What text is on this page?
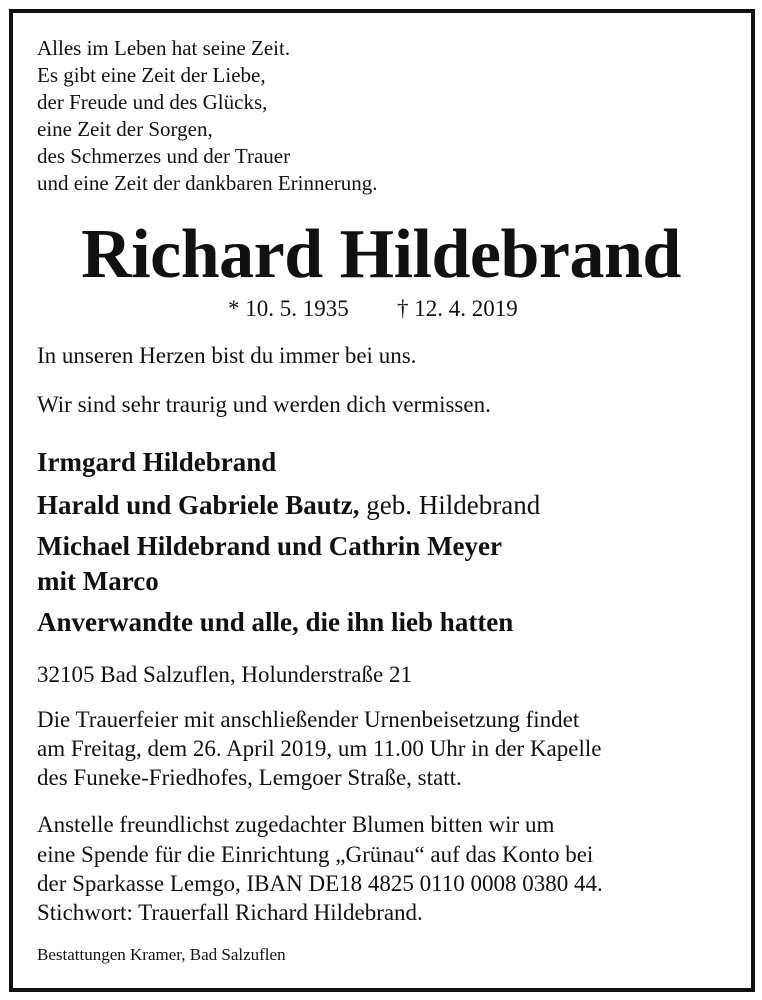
Alles im Leben hat seine Zeit.

Es gibt eine Zeit der Liebe,

der Freude und des Glücks,

eine Zeit der Sorgen,

des Schmerzes und der Trauer

und eine Zeit der dankbaren Erinnerung.

Richard Hildebrand

* 10. 5. 1935 † 12. 4. 2019

In unseren Herzen bist du immer bei uns.

Wir sind sehr traurig und werden dich vermissen.

Irmgard Hildebrand

Harald und Gabriele Bautz, geb. Hildebrand

Michael Hildebrand und Cathrin Meyer

mit Marco

Anverwandte und alle, die ihn lieb hatten

32105 Bad Salzuflen, Holunderstraße 21

Die Trauerfeier mit anschließender Urnenbeisetzung findet

am Freitag, dem 26. April 2019, um 11.00 Uhr in der Kapelle

des Funeke-Friedhofes, Lemgoer Straße, statt.

Anstelle freundlichst zugedachter Blumen bitten wir um

eine Spende für die Einrichtung „Grünau“ auf das Konto bei

der Sparkasse Lemgo, IBAN DE18 4825 0110 0008 0380 44.

Stichwort: Trauerfall Richard Hildebrand.

Bestattungen Kramer, Bad Salzuflen
